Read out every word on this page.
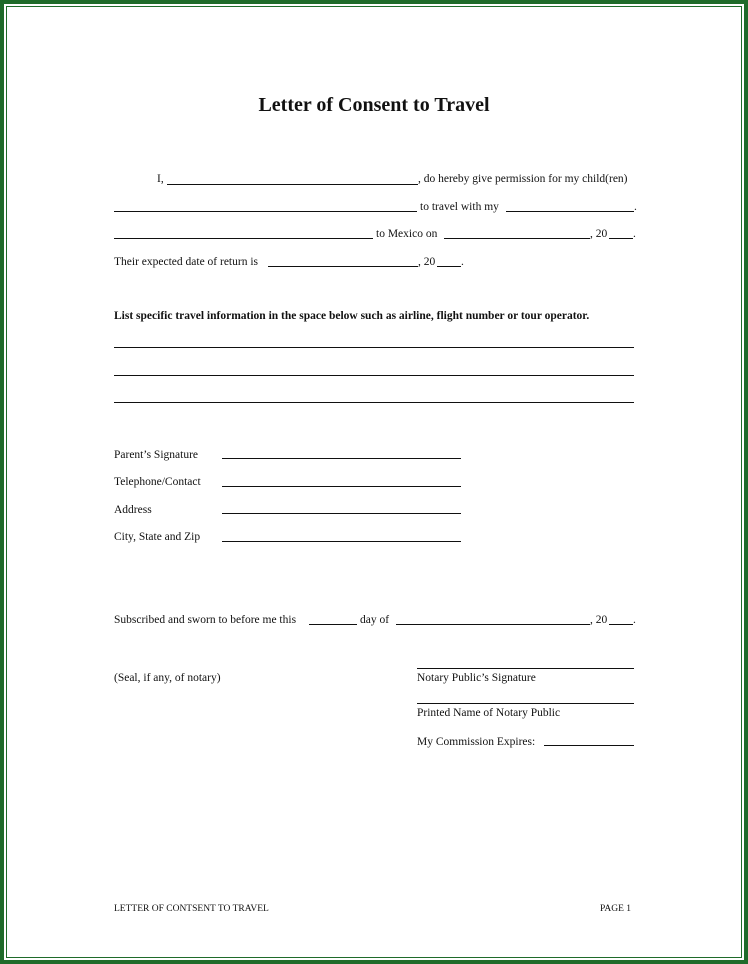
Letter of Consent to Travel
I,	, do hereby give permission for my child(ren)
to travel with my	.
to Mexico on	, 20 .
Their expected date of return is	, 20 .
List specific travel information in the space below such as airline, flight number or tour operator.
Parent’s Signature
Telephone/Contact
Address
City, State and Zip
Subscribed and sworn to before me this	day of	, 20 .
(Seal, if any, of notary)	Notary Public’s Signature
Printed Name of Notary Public
My Commission Expires:
LETTER OF CONTSENT TO TRAVEL	PAGE 1
